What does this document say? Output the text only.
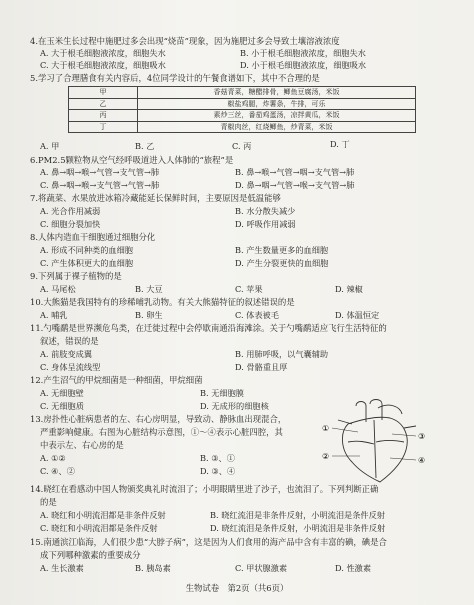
4.在玉米生长过程中施肥过多会出现“烧苗”现象，因为施肥过多会导致土壤溶液浓度
A. 大于根毛细胞液浓度，细胞失水	B. 小于根毛细胞液浓度，细胞失水
C. 大于根毛细胞液浓度，细胞吸水	D. 小于根毛细胞液浓度，细胞吸水
5.学习了合理膳食有关内容后，4位同学设计的午餐食谱如下，其中不合理的是
甲	香菇青菜，糖醋排骨，鲫鱼豆腐汤，米饭
乙	椒盐鸡腿，炸薯条，牛排，可乐
丙	素炒三丝，番茄鸡蛋汤，凉拌黄瓜，米饭
丁	青椒肉丝，红烧鲫鱼，炒青菜，米饭
A. 甲	B. 乙	C. 丙	D. 丁
6.PM2.5颗粒物从空气经呼吸道进入人体肺的“旅程”是
A. 鼻→咽→喉→气管→支气管→肺	B. 鼻→喉→气管→咽→支气管→肺
C. 鼻→咽→喉→支气管→气管→肺	D. 鼻→咽→气管→喉→支气管→肺
7.将蔬菜、水果放进冰箱冷藏能延长保鲜时间，主要原因是低温能够
A. 光合作用减弱	B. 水分散失减少
C. 细胞分裂加快	D. 呼吸作用减弱
8.人体内造血干细胞通过细胞分化
A. 形成不同种类的血细胞	B. 产生数量更多的血细胞
C. 产生体积更大的血细胞	D. 产生分裂更快的血细胞
9.下列属于裸子植物的是
A. 马尾松	B. 大豆	C. 苹果	D. 辣椒
10.大熊猫是我国特有的珍稀哺乳动物。有关大熊猫特征的叙述错误的是
A. 哺乳	B. 卵生	C. 体表被毛	D. 体温恒定
11.勺嘴鹬是世界濒危鸟类，在迁徙过程中会停歇南通沿海滩涂。关于勺嘴鹬适应飞行生活特征的
叙述，错误的是
A. 前肢变成翼	B. 用肺呼吸，以气囊辅助
C. 身体呈流线型	D. 骨骼重且厚
12.产生沼气的甲烷细菌是一种细菌，甲烷细菌
A. 无细胞壁	B. 无细胞膜
C. 无细胞质	D. 无成形的细胞核
13.房扑性心脏病患者的左、右心房明显，导致动、静脉血出现混合，
严重影响健康。右图为心脏结构示意图，①～④表示心脏四腔，其
中表示左、右心房的是
A. ①②	B. ③、①
C. ④、②	D. ③、④
①
②
③
④
14.晓红在看感动中国人物颁奖典礼时流泪了；小明眼睛里进了沙子，也流泪了。下列判断正确
的是
A. 晓红和小明流泪都是非条件反射	B. 晓红流泪是非条件反射，小明流泪是条件反射
C. 晓红和小明流泪都是条件反射	D. 晓红流泪是条件反射，小明流泪是非条件反射
15.南通滨江临海，人们很少患“大脖子病”，这是因为人们食用的海产品中含有丰富的碘，碘是合
成下列哪种激素的重要成分
A. 生长激素	B. 胰岛素	C. 甲状腺激素	D. 性激素
生物试卷　第2页（共6页）
